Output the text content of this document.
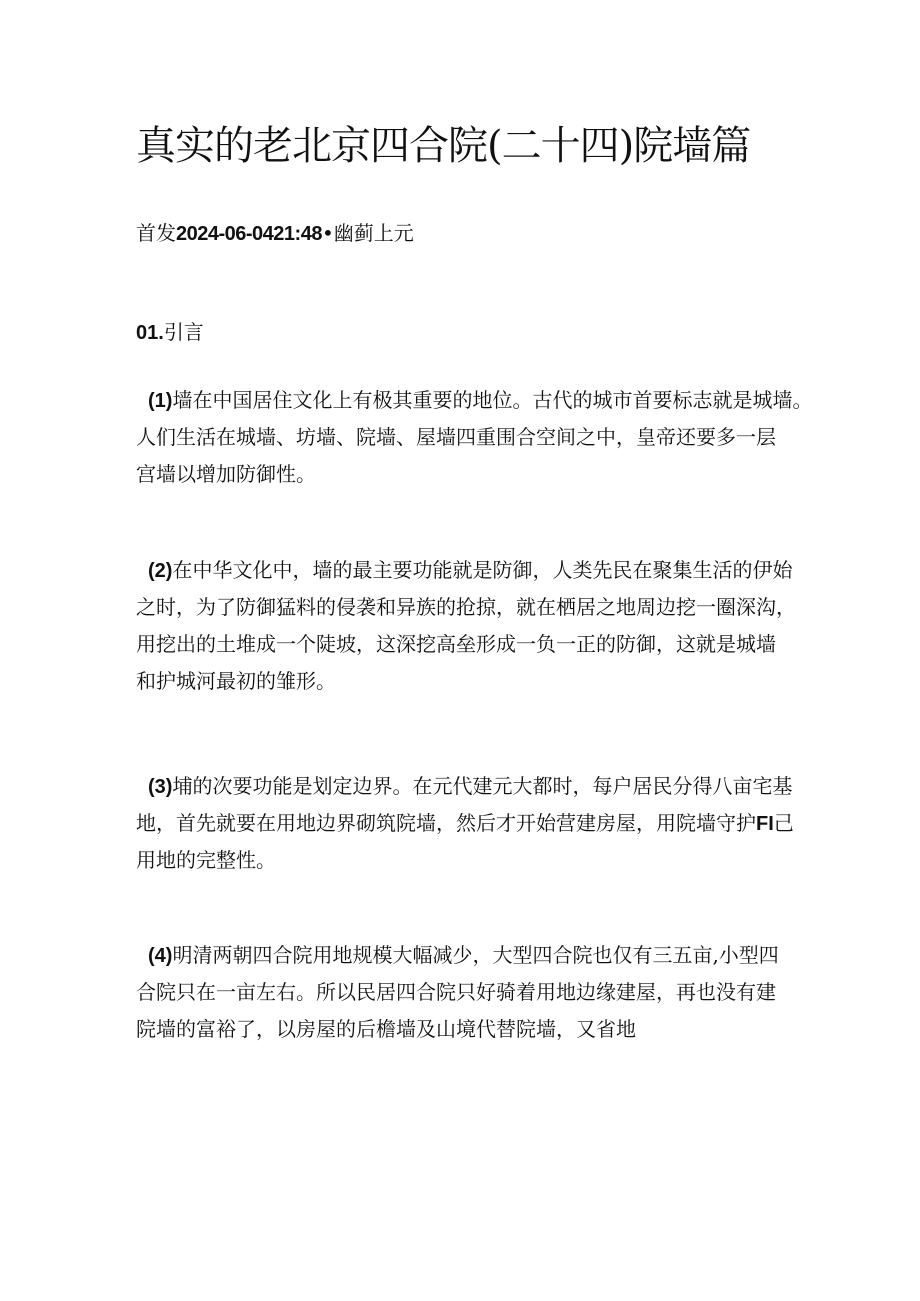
真实的老北京四合院(二十四)院墙篇
首发2024-06-0421:48•幽蓟上元
01.引言
(1)墙在中国居住文化上有极其重要的地位。古代的城市首要标志就是城墙。
人们生活在城墙、坊墙、院墙、屋墙四重围合空间之中，皇帝还要多一层
宫墙以增加防御性。
(2)在中华文化中，墙的最主要功能就是防御，人类先民在聚集生活的伊始
之时，为了防御猛料的侵袭和异族的抢掠，就在栖居之地周边挖一圈深沟，
用挖出的土堆成一个陡坡，这深挖高垒形成一负一正的防御，这就是城墙
和护城河最初的雏形。
(3)埔的次要功能是划定边界。在元代建元大都时，每户居民分得八亩宅基
地，首先就要在用地边界砌筑院墙，然后才开始营建房屋，用院墙守护FI己
用地的完整性。
(4)明清两朝四合院用地规模大幅减少，大型四合院也仅有三五亩,小型四
合院只在一亩左右。所以民居四合院只好骑着用地边缘建屋，再也没有建
院墙的富裕了，以房屋的后檐墙及山境代替院墙，又省地
